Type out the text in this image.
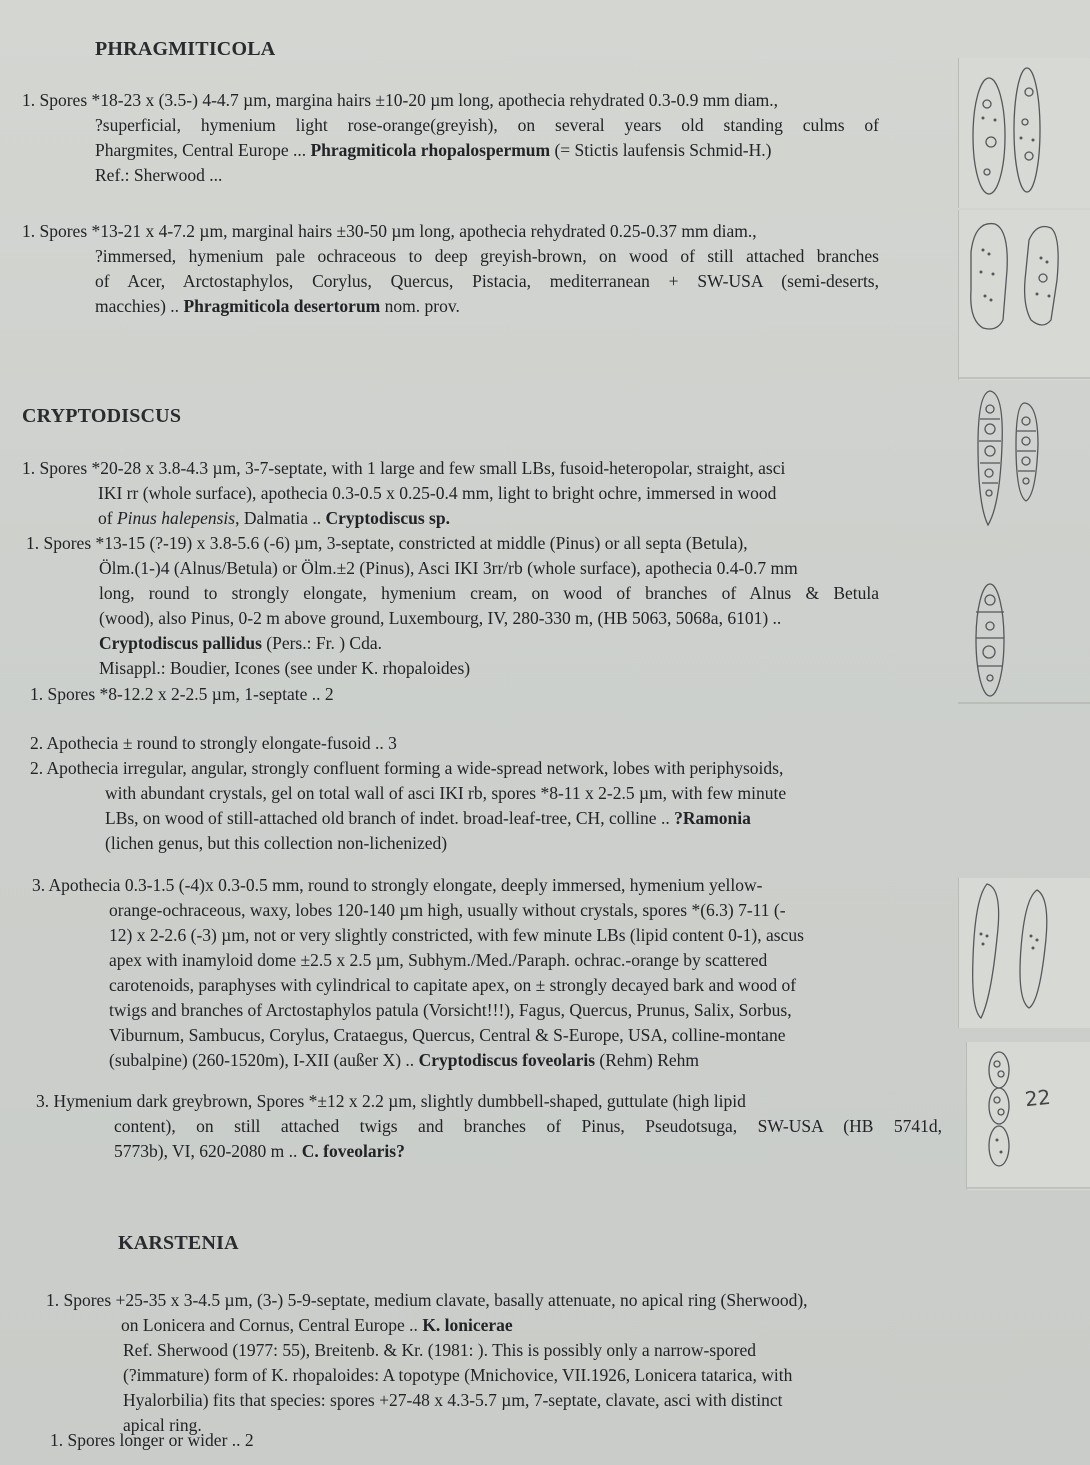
PHRAGMITICOLA
1. Spores *18-23 x (3.5-) 4-4.7 µm, margina hairs ±10-20 µm long, apothecia rehydrated 0.3-0.9 mm diam.,
?superficial, hymenium light rose-orange(greyish), on several years old standing culms of
Phargmites, Central Europe ... Phragmiticola rhopalospermum (= Stictis laufensis Schmid-H.)
Ref.: Sherwood ...
1. Spores *13-21 x 4-7.2 µm, marginal hairs ±30-50 µm long, apothecia rehydrated 0.25-0.37 mm diam.,
?immersed, hymenium pale ochraceous to deep greyish-brown, on wood of still attached branches
of Acer, Arctostaphylos, Corylus, Quercus, Pistacia, mediterranean + SW-USA (semi-deserts,
macchies) .. Phragmiticola desertorum nom. prov.
CRYPTODISCUS
1. Spores *20-28 x 3.8-4.3 µm, 3-7-septate, with 1 large and few small LBs, fusoid-heteropolar, straight, asci
IKI rr (whole surface), apothecia 0.3-0.5 x 0.25-0.4 mm, light to bright ochre, immersed in wood
of Pinus halepensis, Dalmatia .. Cryptodiscus sp.
1. Spores *13-15 (?-19) x 3.8-5.6 (-6) µm, 3-septate, constricted at middle (Pinus) or all septa (Betula),
Ölm.(1-)4 (Alnus/Betula) or Ölm.±2 (Pinus), Asci IKI 3rr/rb (whole surface), apothecia 0.4-0.7 mm
long, round to strongly elongate, hymenium cream, on wood of branches of Alnus & Betula
(wood), also Pinus, 0-2 m above ground, Luxembourg, IV, 280-330 m, (HB 5063, 5068a, 6101) ..
Cryptodiscus pallidus (Pers.: Fr. ) Cda.
Misappl.: Boudier, Icones (see under K. rhopaloides)
1. Spores *8-12.2 x 2-2.5 µm, 1-septate .. 2
2. Apothecia ± round to strongly elongate-fusoid .. 3
2. Apothecia irregular, angular, strongly confluent forming a wide-spread network, lobes with periphysoids,
with abundant crystals, gel on total wall of asci IKI rb, spores *8-11 x 2-2.5 µm, with few minute
LBs, on wood of still-attached old branch of indet. broad-leaf-tree, CH, colline .. ?Ramonia
(lichen genus, but this collection non-lichenized)
3. Apothecia 0.3-1.5 (-4)x 0.3-0.5 mm, round to strongly elongate, deeply immersed, hymenium yellow-
orange-ochraceous, waxy, lobes 120-140 µm high, usually without crystals, spores *(6.3) 7-11 (-
12) x 2-2.6 (-3) µm, not or very slightly constricted, with few minute LBs (lipid content 0-1), ascus
apex with inamyloid dome ±2.5 x 2.5 µm, Subhym./Med./Paraph. ochrac.-orange by scattered
carotenoids, paraphyses with cylindrical to capitate apex, on ± strongly decayed bark and wood of
twigs and branches of Arctostaphylos patula (Vorsicht!!!), Fagus, Quercus, Prunus, Salix, Sorbus,
Viburnum, Sambucus, Corylus, Crataegus, Quercus, Central & S-Europe, USA, colline-montane
(subalpine) (260-1520m), I-XII (außer X) .. Cryptodiscus foveolaris (Rehm) Rehm
3. Hymenium dark greybrown, Spores *±12 x 2.2 µm, slightly dumbbell-shaped, guttulate (high lipid
content), on still attached twigs and branches of Pinus, Pseudotsuga, SW-USA (HB 5741d,
5773b), VI, 620-2080 m .. C. foveolaris?
KARSTENIA
1. Spores +25-35 x 3-4.5 µm, (3-) 5-9-septate, medium clavate, basally attenuate, no apical ring (Sherwood),
on Lonicera and Cornus, Central Europe .. K. lonicerae
Ref. Sherwood (1977: 55), Breitenb. & Kr. (1981: ). This is possibly only a narrow-spored
(?immature) form of K. rhopaloides: A topotype (Mnichovice, VII.1926, Lonicera tatarica, with
Hyalorbilia) fits that species: spores +27-48 x 4.3-5.7 µm, 7-septate, clavate, asci with distinct
apical ring.
1. Spores longer or wider .. 2
22
